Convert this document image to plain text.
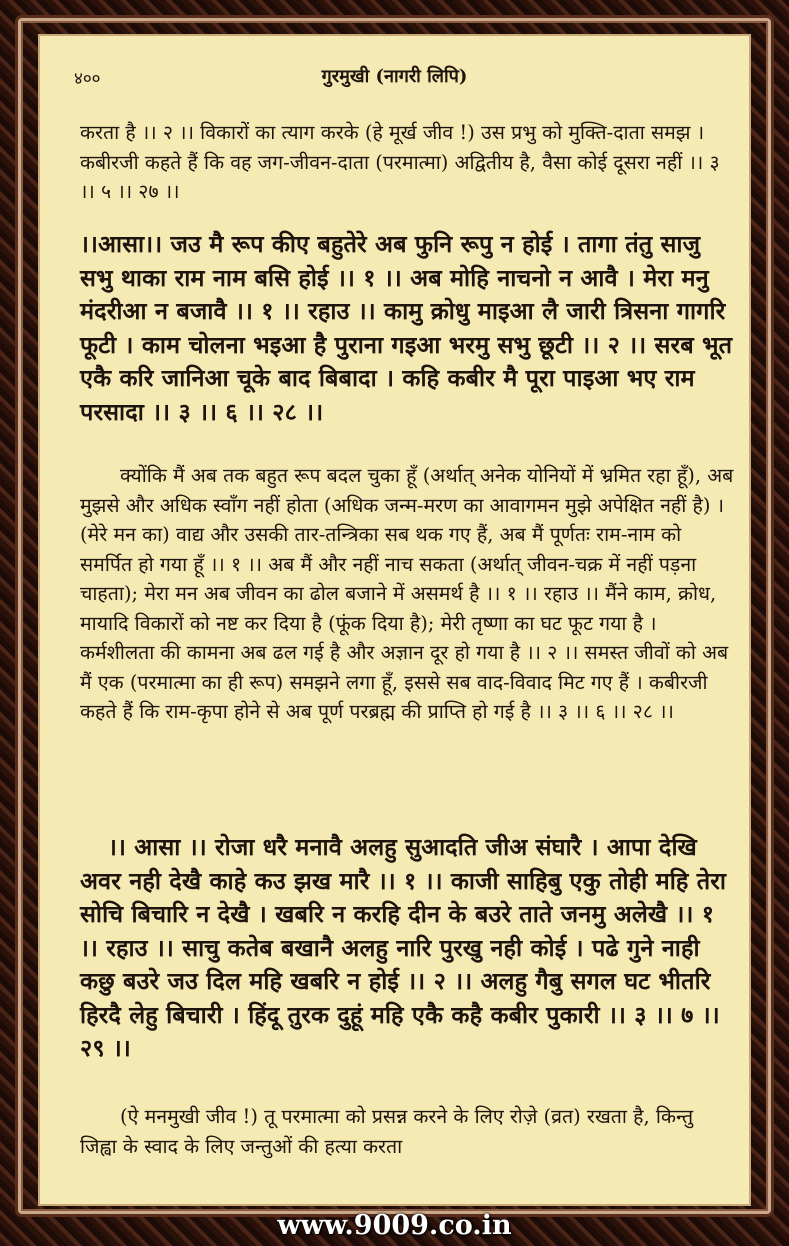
४००	गुरमुखी (नागरी लिपि)

करता है ।। २ ।। विकारों का त्याग करके (हे मूर्ख जीव !) उस प्रभु को मुक्ति-दाता समझ । कबीरजी कहते हैं कि वह जग-जीवन-दाता (परमात्मा) अद्वितीय है, वैसा कोई दूसरा नहीं ।। ३ ।। ५ ।। २७ ।।

।।आसा।। जउ मै रूप कीए बहुतेरे अब फुनि रूपु न होई । तागा तंतु साजु सभु थाका राम नाम बसि होई ।। १ ।। अब मोहि नाचनो न आवै । मेरा मनु मंदरीआ न बजावै ।। १ ।। रहाउ ।। कामु क्रोधु माइआ लै जारी त्रिसना गागरि फूटी । काम चोलना भइआ है पुराना गइआ भरमु सभु छूटी ।। २ ।। सरब भूत एकै करि जानिआ चूके बाद बिबादा । कहि कबीर मै पूरा पाइआ भए राम परसादा ।। ३ ।। ६ ।। २८ ।।

क्योंकि मैं अब तक बहुत रूप बदल चुका हूँ (अर्थात् अनेक योनियों में भ्रमित रहा हूँ), अब मुझसे और अधिक स्वाँग नहीं होता (अधिक जन्म-मरण का आवागमन मुझे अपेक्षित नहीं है) । (मेरे मन का) वाद्य और उसकी तार-तन्त्रिका सब थक गए हैं, अब मैं पूर्णतः राम-नाम को समर्पित हो गया हूँ ।। १ ।। अब मैं और नहीं नाच सकता (अर्थात् जीवन-चक्र में नहीं पड़ना चाहता); मेरा मन अब जीवन का ढोल बजाने में असमर्थ है ।। १ ।। रहाउ ।। मैंने काम, क्रोध, मायादि विकारों को नष्ट कर दिया है (फूंक दिया है); मेरी तृष्णा का घट फूट गया है । कर्मशीलता की कामना अब ढल गई है और अज्ञान दूर हो गया है ।। २ ।। समस्त जीवों को अब मैं एक (परमात्मा का ही रूप) समझने लगा हूँ, इससे सब वाद-विवाद मिट गए हैं । कबीरजी कहते हैं कि राम-कृपा होने से अब पूर्ण परब्रह्म की प्राप्ति हो गई है ।। ३ ।। ६ ।। २८ ।।

।। आसा ।। रोजा धरै मनावै अलहु सुआदति जीअ संघारै । आपा देखि अवर नही देखै काहे कउ झख मारै ।। १ ।। काजी साहिबु एकु तोही महि तेरा सोचि बिचारि न देखै । खबरि न करहि दीन के बउरे ताते जनमु अलेखै ।। १ ।। रहाउ ।। साचु कतेब बखानै अलहु नारि पुरखु नही कोई । पढे गुने नाही कछु बउरे जउ दिल महि खबरि न होई ।। २ ।। अलहु गैबु सगल घट भीतरि हिरदै लेहु बिचारी । हिंदू तुरक दुहूं महि एकै कहै कबीर पुकारी ।। ३ ।। ७ ।। २९ ।।

(ऐ मनमुखी जीव !) तू परमात्मा को प्रसन्न करने के लिए रोज़े (व्रत) रखता है, किन्तु जिह्वा के स्वाद के लिए जन्तुओं की हत्या करता

www.9009.co.in
